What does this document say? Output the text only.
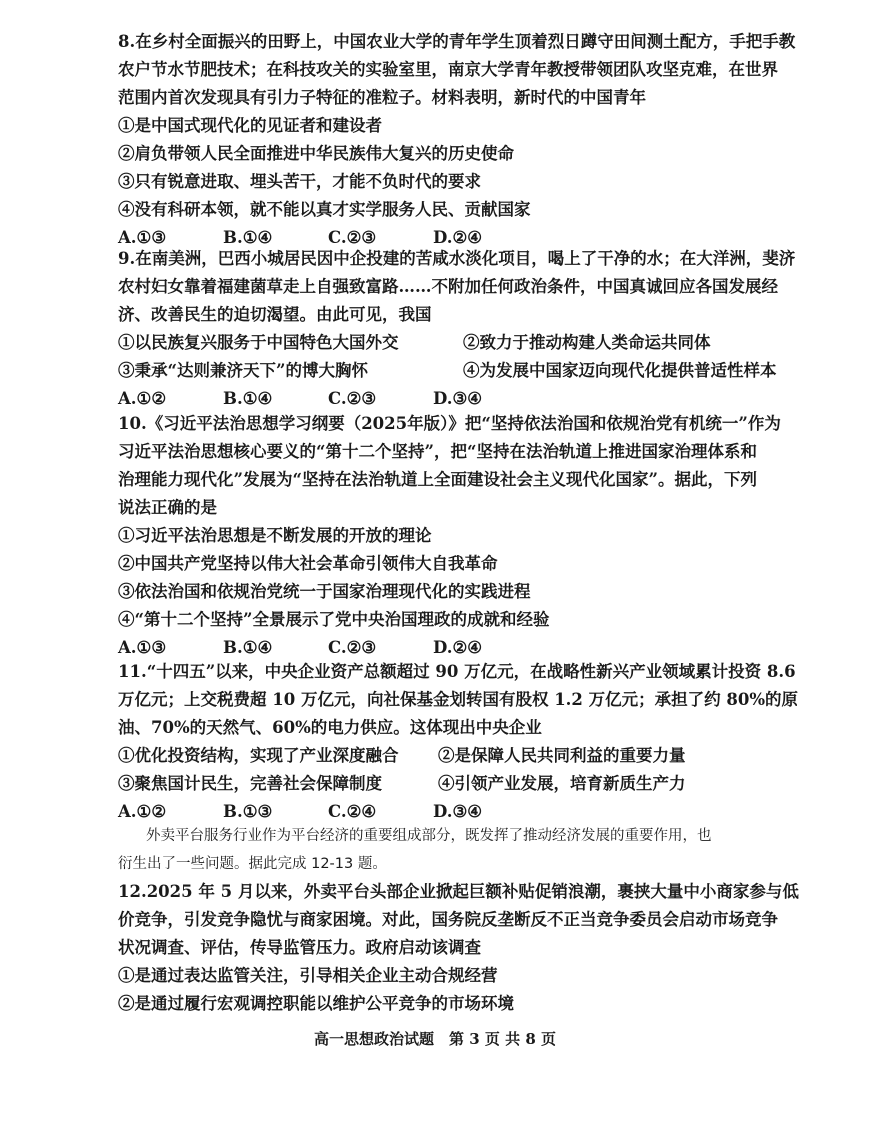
8.在乡村全面振兴的田野上，中国农业大学的青年学生顶着烈日蹲守田间测土配方，手把手教
农户节水节肥技术；在科技攻关的实验室里，南京大学青年教授带领团队攻坚克难，在世界
范围内首次发现具有引力子特征的准粒子。材料表明，新时代的中国青年
①是中国式现代化的见证者和建设者
②肩负带领人民全面推进中华民族伟大复兴的历史使命
③只有锐意进取、埋头苦干，才能不负时代的要求
④没有科研本领，就不能以真才实学服务人民、贡献国家
A.①③	B.①④	C.②③	D.②④
9.在南美洲，巴西小城居民因中企投建的苦咸水淡化项目，喝上了干净的水；在大洋洲，斐济
农村妇女靠着福建菌草走上自强致富路……不附加任何政治条件，中国真诚回应各国发展经
济、改善民生的迫切渴望。由此可见，我国
①以民族复兴服务于中国特色大国外交	②致力于推动构建人类命运共同体
③秉承“达则兼济天下”的博大胸怀	④为发展中国家迈向现代化提供普适性样本
A.①②	B.①④	C.②③	D.③④
10.《习近平法治思想学习纲要（2025年版）》把“坚持依法治国和依规治党有机统一”作为
习近平法治思想核心要义的“第十二个坚持”，把“坚持在法治轨道上推进国家治理体系和
治理能力现代化”发展为“坚持在法治轨道上全面建设社会主义现代化国家”。据此，下列
说法正确的是
①习近平法治思想是不断发展的开放的理论
②中国共产党坚持以伟大社会革命引领伟大自我革命
③依法治国和依规治党统一于国家治理现代化的实践进程
④“第十二个坚持”全景展示了党中央治国理政的成就和经验
A.①③	B.①④	C.②③	D.②④
11.“十四五”以来，中央企业资产总额超过 90 万亿元，在战略性新兴产业领域累计投资 8.6
万亿元；上交税费超 10 万亿元，向社保基金划转国有股权 1.2 万亿元；承担了约 80%的原
油、70%的天然气、60%的电力供应。这体现出中央企业
①优化投资结构，实现了产业深度融合	②是保障人民共同利益的重要力量
③聚焦国计民生，完善社会保障制度	④引领产业发展，培育新质生产力
A.①②	B.①③	C.②④	D.③④
外卖平台服务行业作为平台经济的重要组成部分，既发挥了推动经济发展的重要作用，也
衍生出了一些问题。据此完成 12-13 题。
12.2025 年 5 月以来，外卖平台头部企业掀起巨额补贴促销浪潮，裹挟大量中小商家参与低
价竞争，引发竞争隐忧与商家困境。对此，国务院反垄断反不正当竞争委员会启动市场竞争
状况调查、评估，传导监管压力。政府启动该调查
①是通过表达监管关注，引导相关企业主动合规经营
②是通过履行宏观调控职能以维护公平竞争的市场环境
高一思想政治试题　第 3 页 共 8 页
